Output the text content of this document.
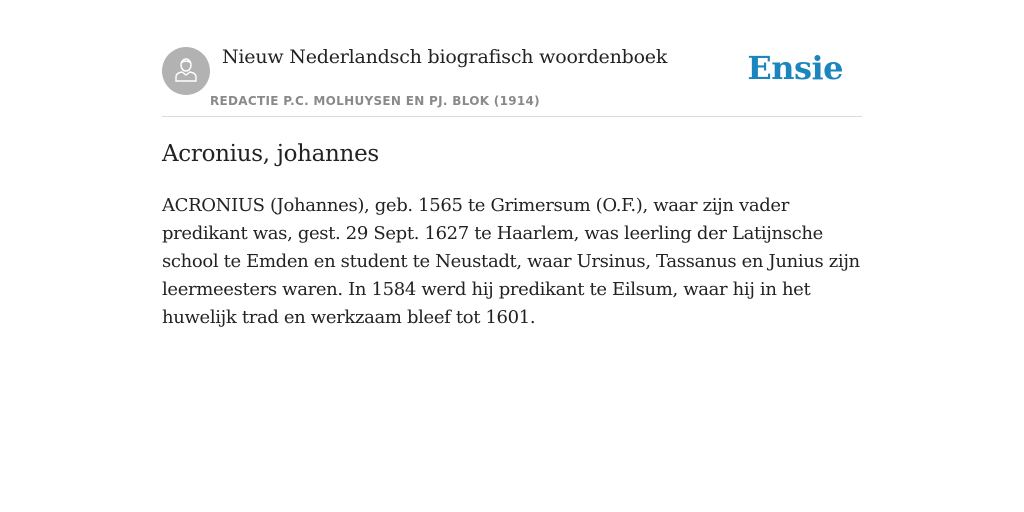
Nieuw Nederlandsch biografisch woordenboek
REDACTIE P.C. MOLHUYSEN EN PJ. BLOK (1914)
Ensie
Acronius, johannes

ACRONIUS (Johannes), geb. 1565 te Grimersum (O.F.), waar zijn vader predikant was, gest. 29 Sept. 1627 te Haarlem, was leerling der Latijnsche school te Emden en student te Neustadt, waar Ursinus, Tassanus en Junius zijn leermeesters waren. In 1584 werd hij predikant te Eilsum, waar hij in het huwelijk trad en werkzaam bleef tot 1601.
